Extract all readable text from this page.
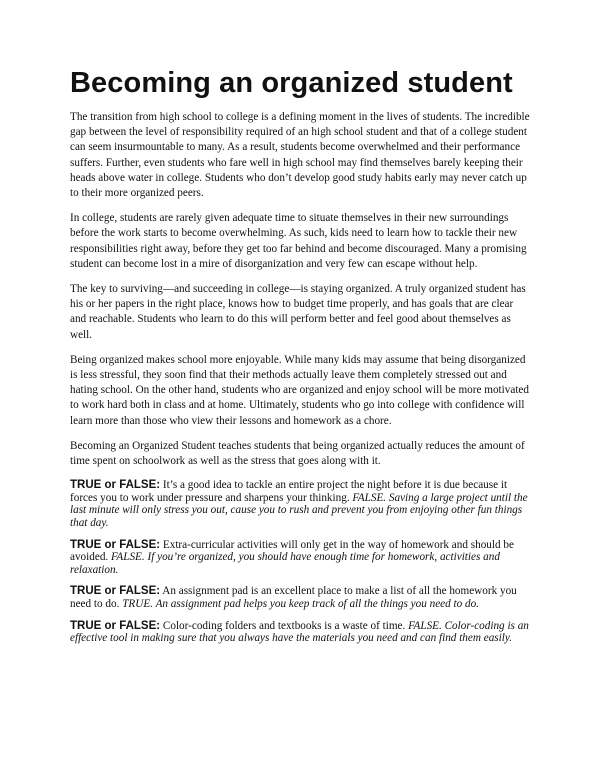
Becoming an organized student

The transition from high school to college is a defining moment in the lives of students. The incredible gap between the level of responsibility required of an high school student and that of a college student can seem insurmountable to many. As a result, students become overwhelmed and their performance suffers. Further, even students who fare well in high school may find themselves barely keeping their heads above water in college. Students who don’t develop good study habits early may never catch up to their more organized peers.

In college, students are rarely given adequate time to situate themselves in their new surroundings before the work starts to become overwhelming. As such, kids need to learn how to tackle their new responsibilities right away, before they get too far behind and become discouraged. Many a promising student can become lost in a mire of disorganization and very few can escape without help.

The key to surviving—and succeeding in college—is staying organized. A truly organized student has his or her papers in the right place, knows how to budget time properly, and has goals that are clear and reachable. Students who learn to do this will perform better and feel good about themselves as well.

Being organized makes school more enjoyable. While many kids may assume that being disorganized is less stressful, they soon find that their methods actually leave them completely stressed out and hating school. On the other hand, students who are organized and enjoy school will be more motivated to work hard both in class and at home. Ultimately, students who go into college with confidence will learn more than those who view their lessons and homework as a chore.

Becoming an Organized Student teaches students that being organized actually reduces the amount of time spent on schoolwork as well as the stress that goes along with it.

TRUE or FALSE: It’s a good idea to tackle an entire project the night before it is due because it forces you to work under pressure and sharpens your thinking. FALSE. Saving a large project until the last minute will only stress you out, cause you to rush and prevent you from enjoying other fun things that day.

TRUE or FALSE: Extra-curricular activities will only get in the way of homework and should be avoided. FALSE. If you’re organized, you should have enough time for homework, activities and relaxation.

TRUE or FALSE: An assignment pad is an excellent place to make a list of all the homework you need to do. TRUE. An assignment pad helps you keep track of all the things you need to do.

TRUE or FALSE: Color-coding folders and textbooks is a waste of time. FALSE. Color-coding is an effective tool in making sure that you always have the materials you need and can find them easily.
